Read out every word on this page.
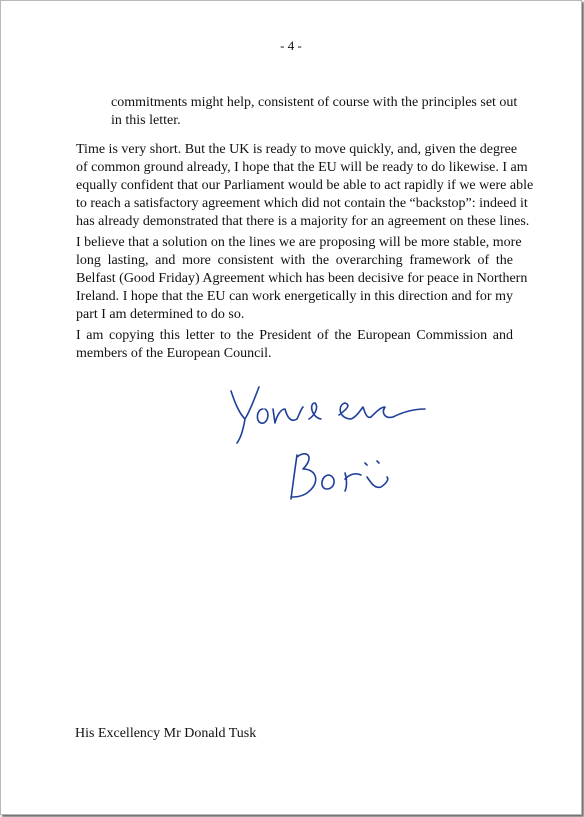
- 4 -
commitments might help, consistent of course with the principles set out
in this letter.
Time is very short. But the UK is ready to move quickly, and, given the degree
of common ground already, I hope that the EU will be ready to do likewise. I am
equally confident that our Parliament would be able to act rapidly if we were able
to reach a satisfactory agreement which did not contain the “backstop”: indeed it
has already demonstrated that there is a majority for an agreement on these lines.
I believe that a solution on the lines we are proposing will be more stable, more
long lasting, and more consistent with the overarching framework of the
Belfast (Good Friday) Agreement which has been decisive for peace in Northern
Ireland. I hope that the EU can work energetically in this direction and for my
part I am determined to do so.
I am copying this letter to the President of the European Commission and
members of the European Council.
His Excellency Mr Donald Tusk
